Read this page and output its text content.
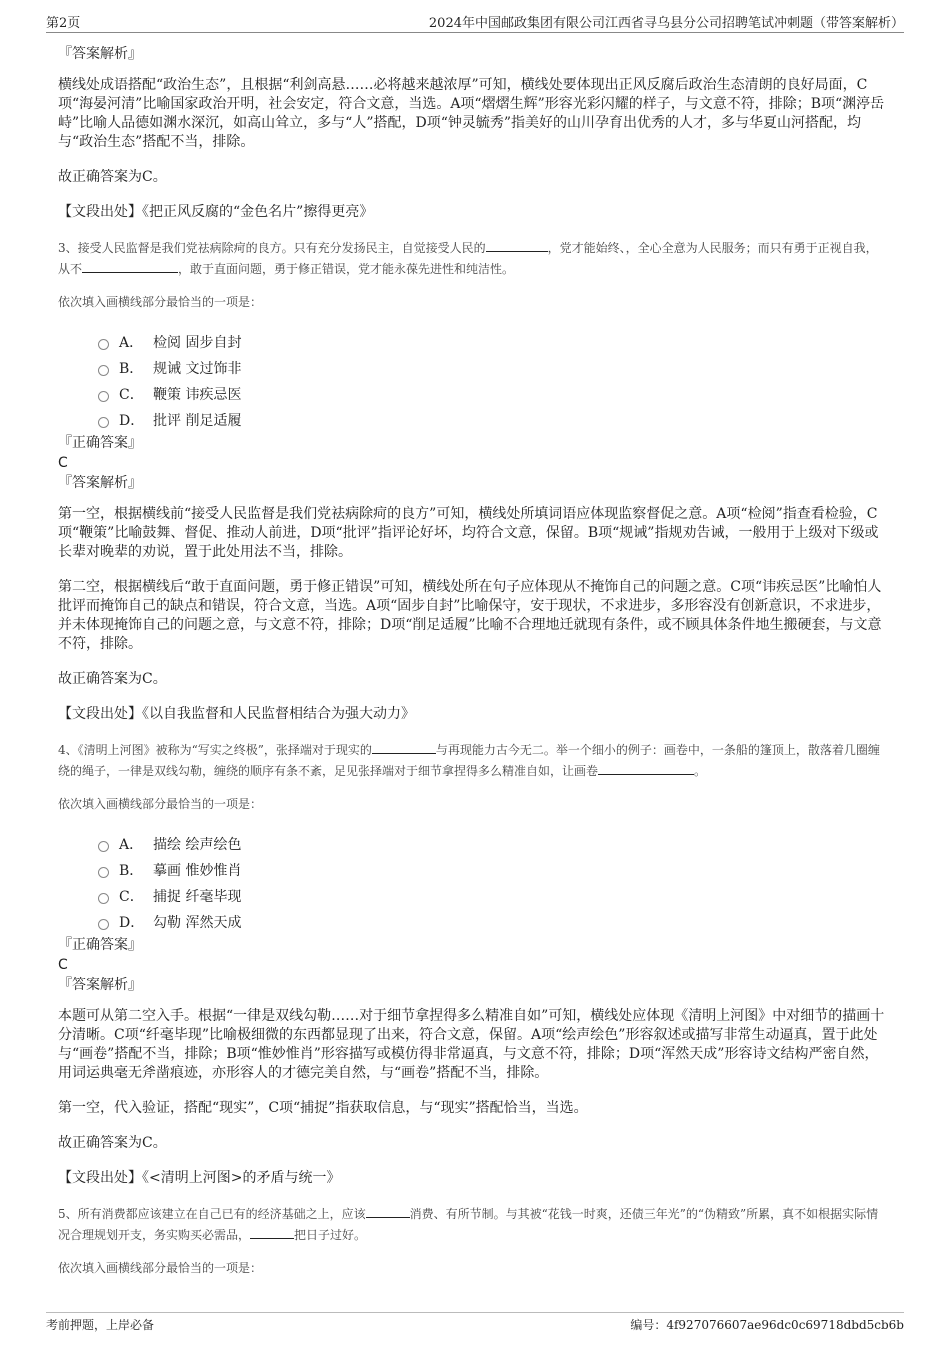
第2页	2024年中国邮政集团有限公司江西省寻乌县分公司招聘笔试冲刺题（带答案解析）
『答案解析』

横线处成语搭配“政治生态”，且根据“利剑高悬……必将越来越浓厚”可知，横线处要体现出正风反腐后政治生态清朗的良好局面，C项“海晏河清”比喻国家政治开明，社会安定，符合文意，当选。A项“熠熠生辉”形容光彩闪耀的样子，与文意不符，排除；B项“渊渟岳峙”比喻人品德如渊水深沉，如高山耸立，多与“人”搭配，D项“钟灵毓秀”指美好的山川孕育出优秀的人才，多与华夏山河搭配，均与“政治生态”搭配不当，排除。

故正确答案为C。

【文段出处】《把正风反腐的“金色名片”擦得更亮》

3、接受人民监督是我们党祛病除疴的良方。只有充分发扬民主，自觉接受人民的	，党才能始终、，全心全意为人民服务；而只有勇于正视自我，从不	，敢于直面问题，勇于修正错误，党才能永葆先进性和纯洁性。

依次填入画横线部分最恰当的一项是：

A． 检阅 固步自封
B． 规诫 文过饰非
C． 鞭策 讳疾忌医
D． 批评 削足适履
『正确答案』
C
『答案解析』

第一空，根据横线前“接受人民监督是我们党祛病除疴的良方”可知，横线处所填词语应体现监察督促之意。A项“检阅”指查看检验，C项“鞭策”比喻鼓舞、督促、推动人前进，D项“批评”指评论好坏，均符合文意，保留。B项“规诫”指规劝告诫，一般用于上级对下级或长辈对晚辈的劝说，置于此处用法不当，排除。

第二空，根据横线后“敢于直面问题，勇于修正错误”可知，横线处所在句子应体现从不掩饰自己的问题之意。C项“讳疾忌医”比喻怕人批评而掩饰自己的缺点和错误，符合文意，当选。A项“固步自封”比喻保守，安于现状，不求进步，多形容没有创新意识，不求进步，并未体现掩饰自己的问题之意，与文意不符，排除；D项“削足适履”比喻不合理地迁就现有条件，或不顾具体条件地生搬硬套，与文意不符，排除。

故正确答案为C。

【文段出处】《以自我监督和人民监督相结合为强大动力》

4、《清明上河图》被称为“写实之终极”，张择端对于现实的	与再现能力古今无二。举一个细小的例子：画卷中，一条船的篷顶上，散落着几圈缠绕的绳子，一律是双线勾勒，缠绕的顺序有条不紊，足见张择端对于细节拿捏得多么精准自如，让画卷	。

依次填入画横线部分最恰当的一项是：

A． 描绘 绘声绘色
B． 摹画 惟妙惟肖
C． 捕捉 纤毫毕现
D． 勾勒 浑然天成
『正确答案』
C
『答案解析』

本题可从第二空入手。根据“一律是双线勾勒……对于细节拿捏得多么精准自如”可知，横线处应体现《清明上河图》中对细节的描画十分清晰。C项“纤毫毕现”比喻极细微的东西都显现了出来，符合文意，保留。A项“绘声绘色”形容叙述或描写非常生动逼真，置于此处与“画卷”搭配不当，排除；B项“惟妙惟肖”形容描写或模仿得非常逼真，与文意不符，排除；D项“浑然天成”形容诗文结构严密自然，用词运典毫无斧凿痕迹，亦形容人的才德完美自然，与“画卷”搭配不当，排除。

第一空，代入验证，搭配“现实”，C项“捕捉”指获取信息，与“现实”搭配恰当，当选。

故正确答案为C。

【文段出处】《<清明上河图>的矛盾与统一》

5、所有消费都应该建立在自己已有的经济基础之上，应该	消费、有所节制。与其被“花钱一时爽，还债三年光”的“伪精致”所累，真不如根据实际情况合理规划开支，务实购买必需品，	把日子过好。

依次填入画横线部分最恰当的一项是：

考前押题，上岸必备	编号：4f927076607ae96dc0c69718dbd5cb6b
